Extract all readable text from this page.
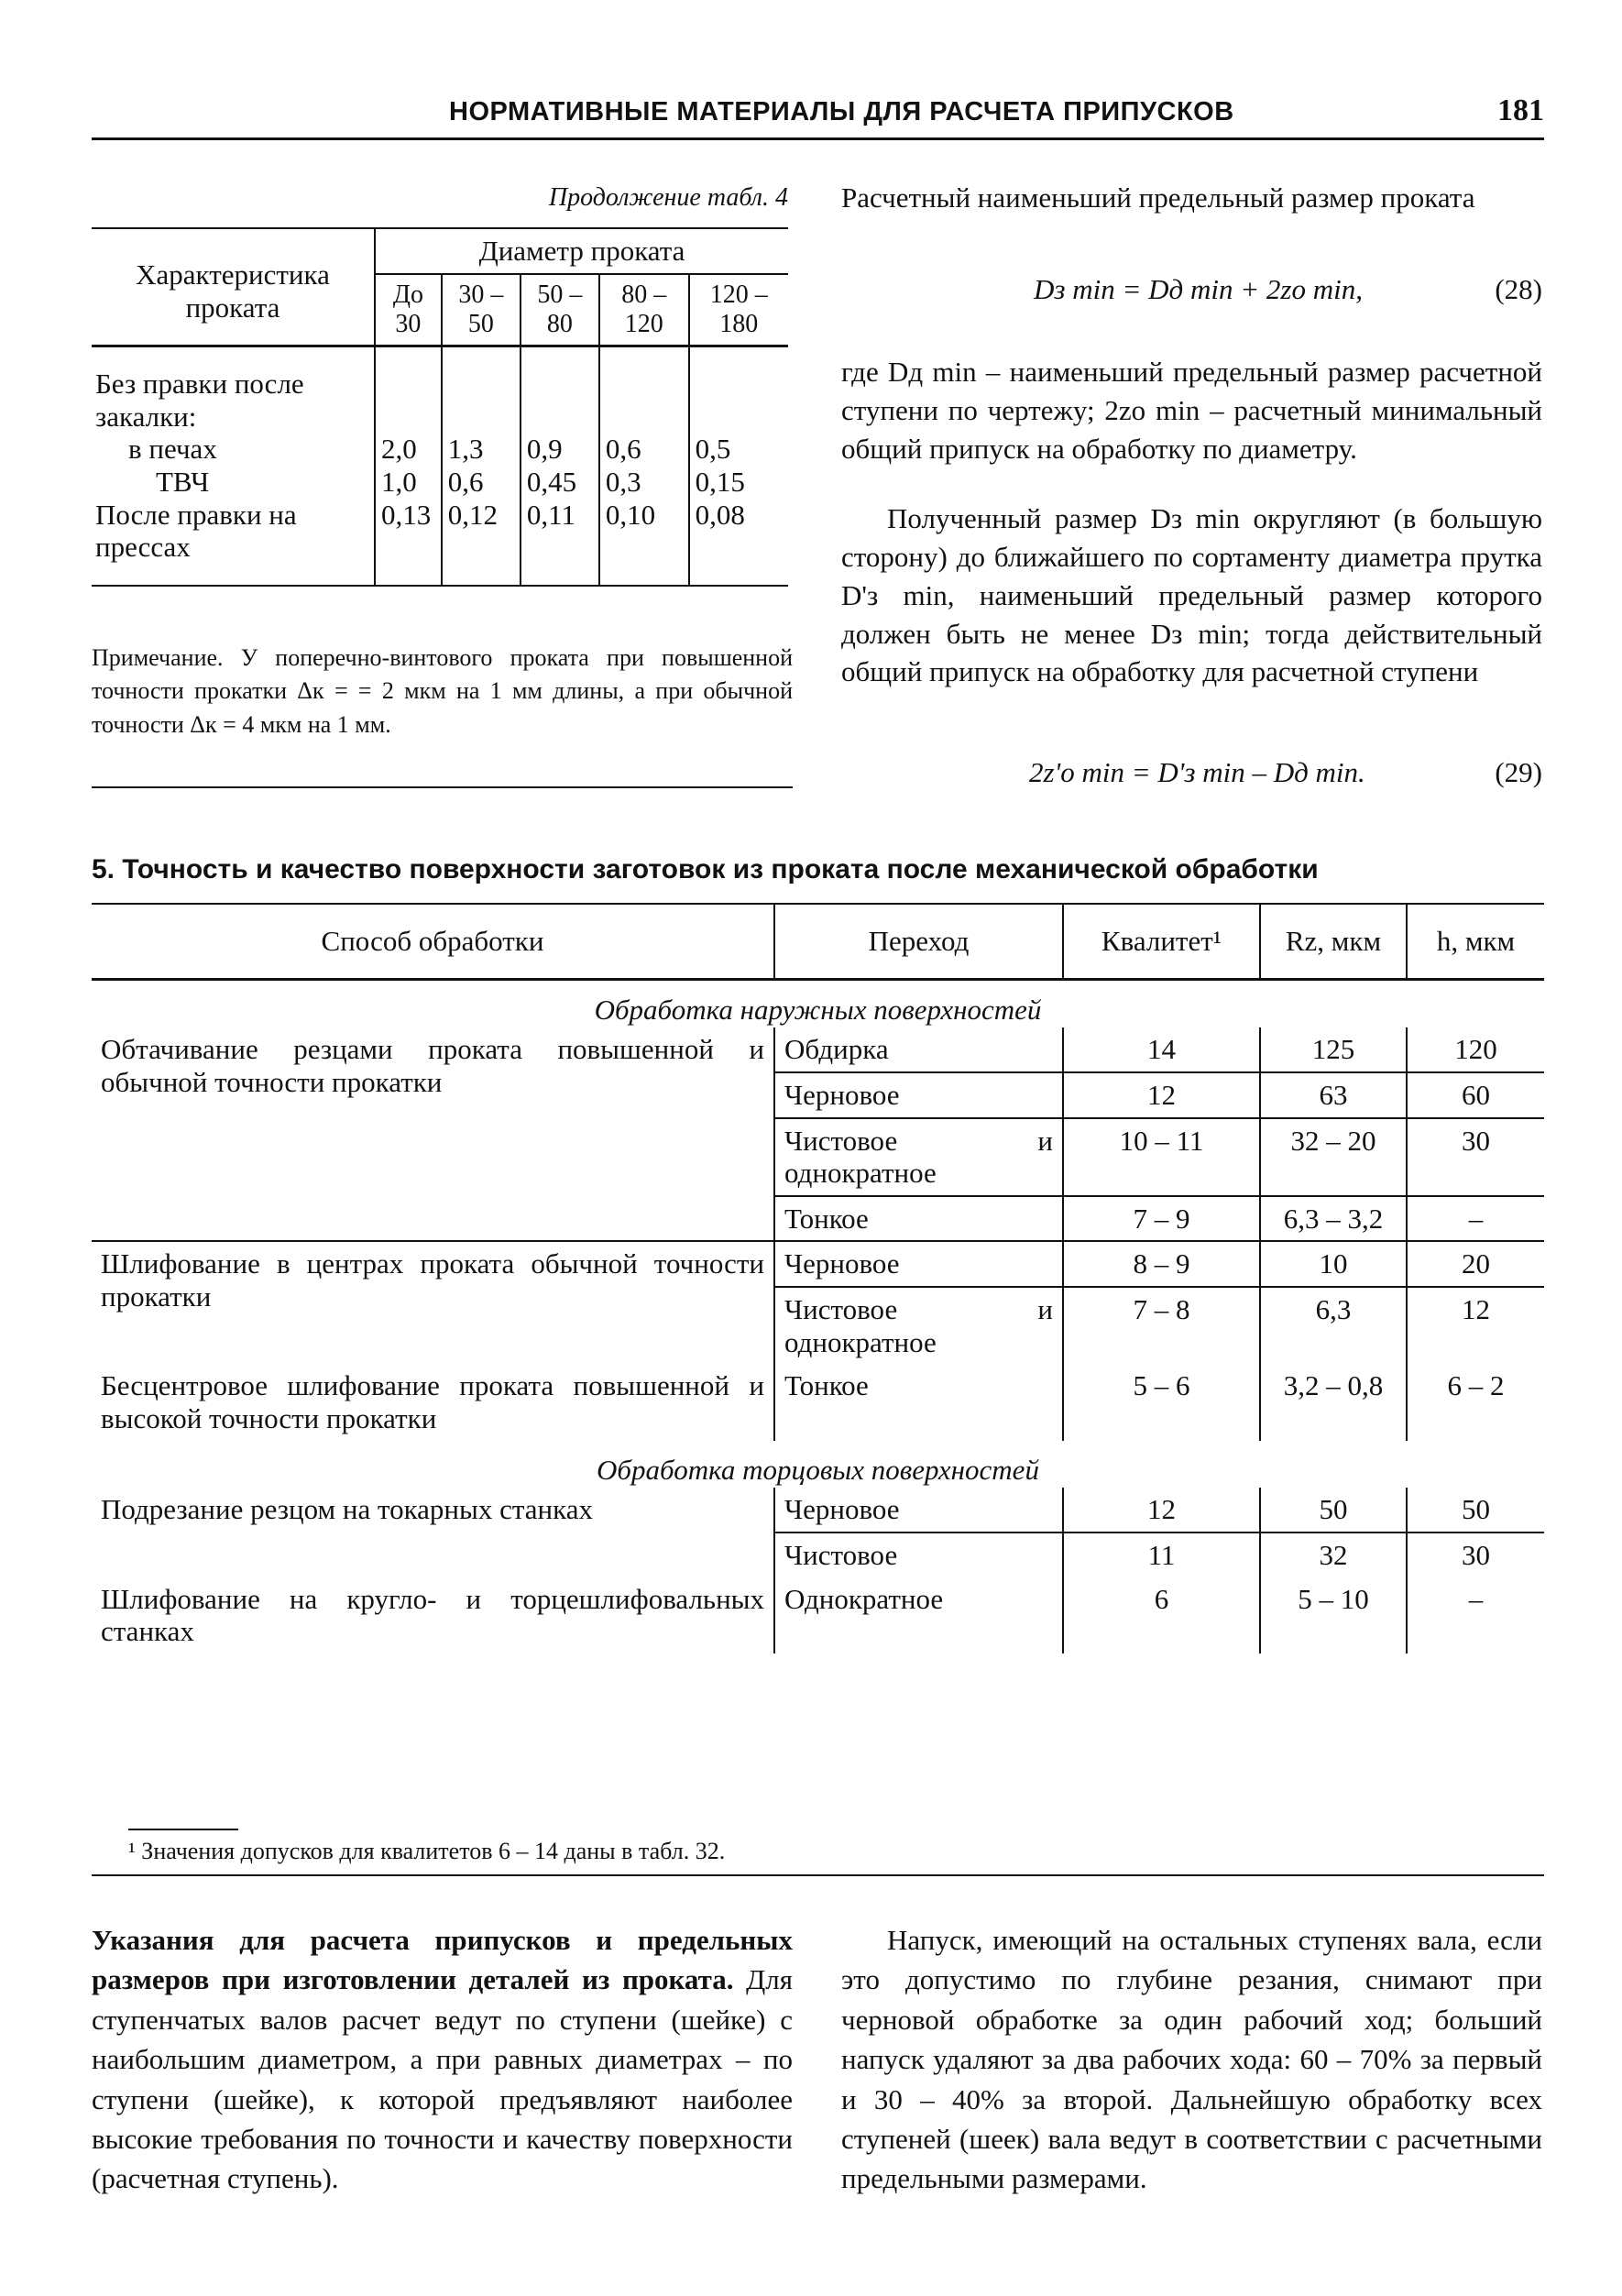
НОРМАТИВНЫЕ МАТЕРИАЛЫ ДЛЯ РАСЧЕТА ПРИПУСКОВ	181
Продолжение табл. 4
Характеристика проката	Диаметр проката				
	До 30	30 – 50	50 – 80	80 – 120	120 – 180
Без правки после закалки:					
в печах	2,0	1,3	0,9	0,6	0,5
ТВЧ	1,0	0,6	0,45	0,3	0,15
После правки на прессах	0,13	0,12	0,11	0,10	0,08

Примечание. У поперечно-винтового проката при повышенной точности прокатки Δк = = 2 мкм на 1 мм длины, а при обычной точности Δк = 4 мкм на 1 мм.
Расчетный наименьший предельный размер проката
Dз min = Dд min + 2zо min,	(28)
где Dд min – наименьший предельный размер расчетной ступени по чертежу; 2zо min – расчетный минимальный общий припуск на обработку по диаметру.
Полученный размер Dз min округляют (в большую сторону) до ближайшего по сортаменту диаметра прутка D'з min, наименьший предельный размер которого должен быть не менее Dз min; тогда действительный общий припуск на обработку для расчетной ступени
2z'о min = D'з min – Dд min.	(29)
5. Точность и качество поверхности заготовок из проката после механической обработки
Способ обработки	Переход	Квалитет¹	Rz, мкм	h, мкм
Обработка наружных поверхностей				
Обтачивание резцами проката повышенной и обычной точности прокатки	Обдирка	14	125	120
	Черновое	12	63	60
	Чистовое и однократное	10 – 11	32 – 20	30
	Тонкое	7 – 9	6,3 – 3,2	–
Шлифование в центрах проката обычной точности прокатки	Черновое	8 – 9	10	20
	Чистовое и однократное	7 – 8	6,3	12
Бесцентровое шлифование проката повышенной и высокой точности прокатки	Тонкое	5 – 6	3,2 – 0,8	6 – 2
Обработка торцовых поверхностей				
Подрезание резцом на токарных станках	Черновое	12	50	50
	Чистовое	11	32	30
Шлифование на кругло- и торцешлифовальных станках	Однократное	6	5 – 10	–
¹ Значения допусков для квалитетов 6 – 14 даны в табл. 32.
Указания для расчета припусков и предельных размеров при изготовлении деталей из проката. Для ступенчатых валов расчет ведут по ступени (шейке) с наибольшим диаметром, а при равных диаметрах – по ступени (шейке), к которой предъявляют наиболее высокие требования по точности и качеству поверхности (расчетная ступень).
Напуск, имеющий на остальных ступенях вала, если это допустимо по глубине резания, снимают при черновой обработке за один рабочий ход; больший напуск удаляют за два рабочих хода: 60 – 70% за первый и 30 – 40% за второй. Дальнейшую обработку всех ступеней (шеек) вала ведут в соответствии с расчетными предельными размерами.
